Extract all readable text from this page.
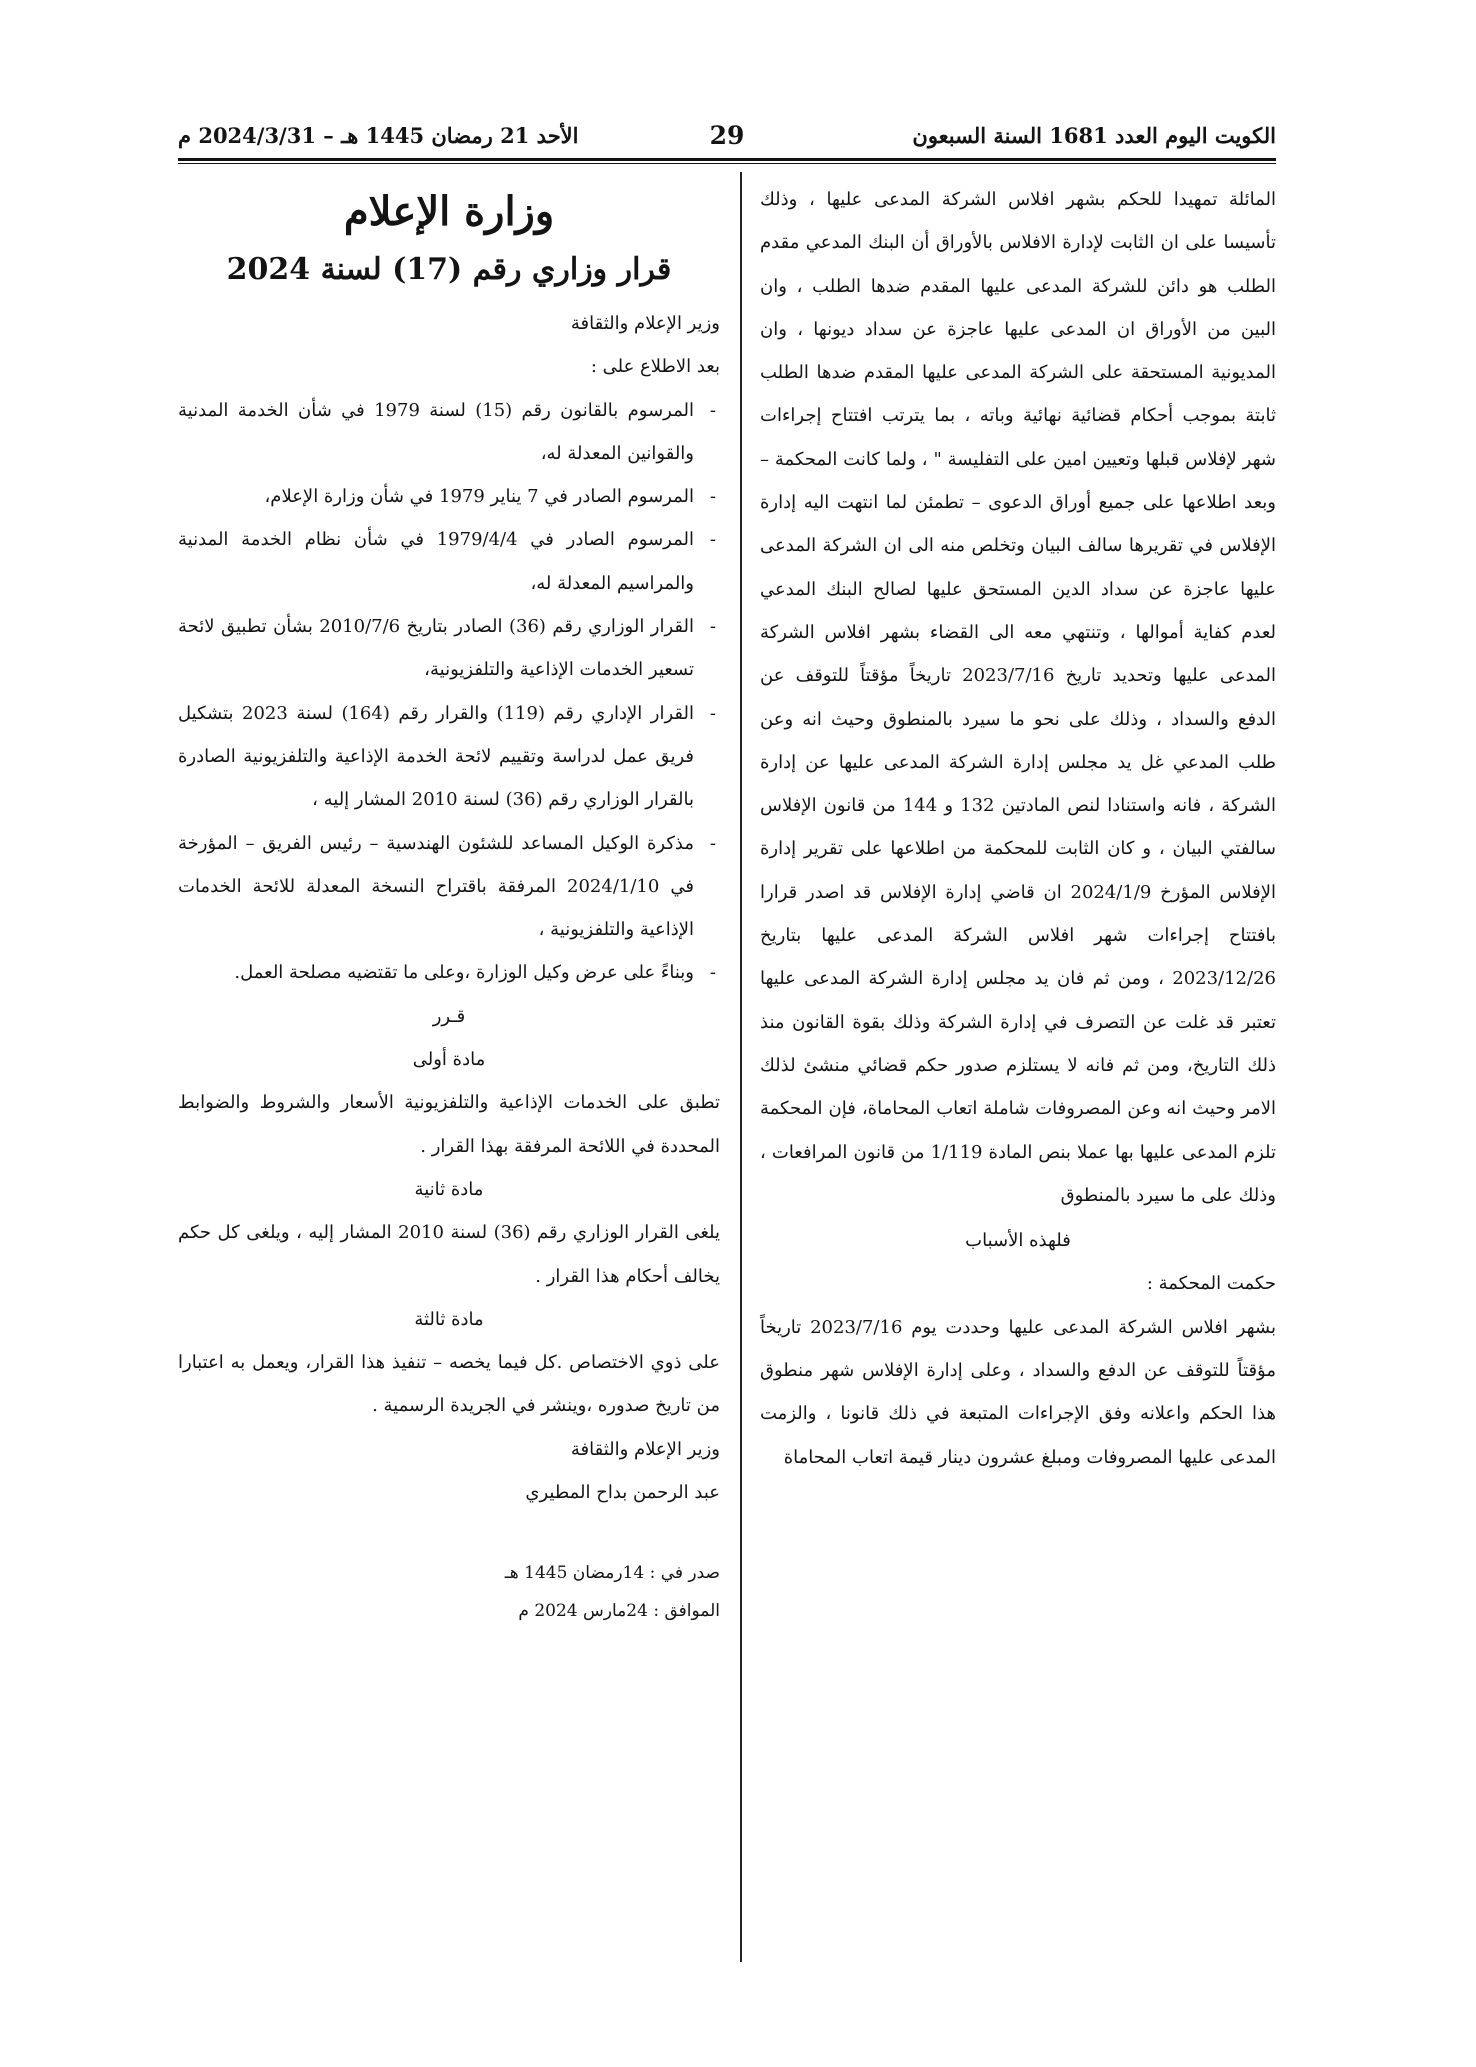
الأحد 21 رمضان 1445 هـ – 2024/3/31 م	29	الكويت اليوم العدد 1681 السنة السبعون

المائلة تمهيدا للحكم بشهر افلاس الشركة المدعى عليها ، وذلك تأسيسا على ان الثابت لإدارة الافلاس بالأوراق أن البنك المدعي مقدم الطلب هو دائن للشركة المدعى عليها المقدم ضدها الطلب ، وان البين من الأوراق ان المدعى عليها عاجزة عن سداد ديونها ، وان المديونية المستحقة على الشركة المدعى عليها المقدم ضدها الطلب ثابتة بموجب أحكام قضائية نهائية وباته ، بما يترتب افتتاح إجراءات شهر لإفلاس قبلها وتعيين امين على التفليسة " ، ولما كانت المحكمة – وبعد اطلاعها على جميع أوراق الدعوى – تطمئن لما انتهت اليه إدارة الإفلاس في تقريرها سالف البيان وتخلص منه الى ان الشركة المدعى عليها عاجزة عن سداد الدين المستحق عليها لصالح البنك المدعي لعدم كفاية أموالها ، وتنتهي معه الى القضاء بشهر افلاس الشركة المدعى عليها وتحديد تاريخ 2023/7/16 تاريخاً مؤقتاً للتوقف عن الدفع والسداد ، وذلك على نحو ما سيرد بالمنطوق وحيث انه وعن طلب المدعي غل يد مجلس إدارة الشركة المدعى عليها عن إدارة الشركة ، فانه واستنادا لنص المادتين 132 و 144 من قانون الإفلاس سالفتي البيان ، و كان الثابت للمحكمة من اطلاعها على تقرير إدارة الإفلاس المؤرخ 2024/1/9 ان قاضي إدارة الإفلاس قد اصدر قرارا بافتتاح إجراءات شهر افلاس الشركة المدعى عليها بتاريخ 2023/12/26 ، ومن ثم فان يد مجلس إدارة الشركة المدعى عليها تعتبر قد غلت عن التصرف في إدارة الشركة وذلك بقوة القانون منذ ذلك التاريخ، ومن ثم فانه لا يستلزم صدور حكم قضائي منشئ لذلك الامر وحيث انه وعن المصروفات شاملة اتعاب المحاماة، فإن المحكمة تلزم المدعى عليها بها عملا بنص المادة 1/119 من قانون المرافعات ، وذلك على ما سيرد بالمنطوق

فلهذه الأسباب

حكمت المحكمة :

بشهر افلاس الشركة المدعى عليها وحددت يوم 2023/7/16 تاريخاً مؤقتاً للتوقف عن الدفع والسداد ، وعلى إدارة الإفلاس شهر منطوق هذا الحكم واعلانه وفق الإجراءات المتبعة في ذلك قانونا ، والزمت المدعى عليها المصروفات ومبلغ عشرون دينار قيمة اتعاب المحاماة

وزارة الإعلام
قرار وزاري رقم (17) لسنة 2024

وزير الإعلام والثقافة

بعد الاطلاع على :

- المرسوم بالقانون رقم (15) لسنة 1979 في شأن الخدمة المدنية والقوانين المعدلة له،
- المرسوم الصادر في 7 يناير 1979 في شأن وزارة الإعلام،
- المرسوم الصادر في 1979/4/4 في شأن نظام الخدمة المدنية والمراسيم المعدلة له،
- القرار الوزاري رقم (36) الصادر بتاريخ 2010/7/6 بشأن تطبيق لائحة تسعير الخدمات الإذاعية والتلفزيونية،
- القرار الإداري رقم (119) والقرار رقم (164) لسنة 2023 بتشكيل فريق عمل لدراسة وتقييم لائحة الخدمة الإذاعية والتلفزيونية الصادرة بالقرار الوزاري رقم (36) لسنة 2010 المشار إليه ،
- مذكرة الوكيل المساعد للشئون الهندسية – رئيس الفريق – المؤرخة في 2024/1/10 المرفقة باقتراح النسخة المعدلة للائحة الخدمات الإذاعية والتلفزيونية ،
- وبناءً على عرض وكيل الوزارة ،وعلى ما تقتضيه مصلحة العمل.

قـرر

مادة أولى

تطبق على الخدمات الإذاعية والتلفزيونية الأسعار والشروط والضوابط المحددة في اللائحة المرفقة بهذا القرار .

مادة ثانية

يلغى القرار الوزاري رقم (36) لسنة 2010 المشار إليه ، ويلغى كل حكم يخالف أحكام هذا القرار .

مادة ثالثة

على ذوي الاختصاص .كل فيما يخصه – تنفيذ هذا القرار، ويعمل به اعتبارا من تاريخ صدوره ،وينشر في الجريدة الرسمية .

وزير الإعلام والثقافة

عبد الرحمن بداح المطيري

صدر في : 14رمضان 1445 هـ

الموافق : 24مارس 2024 م
